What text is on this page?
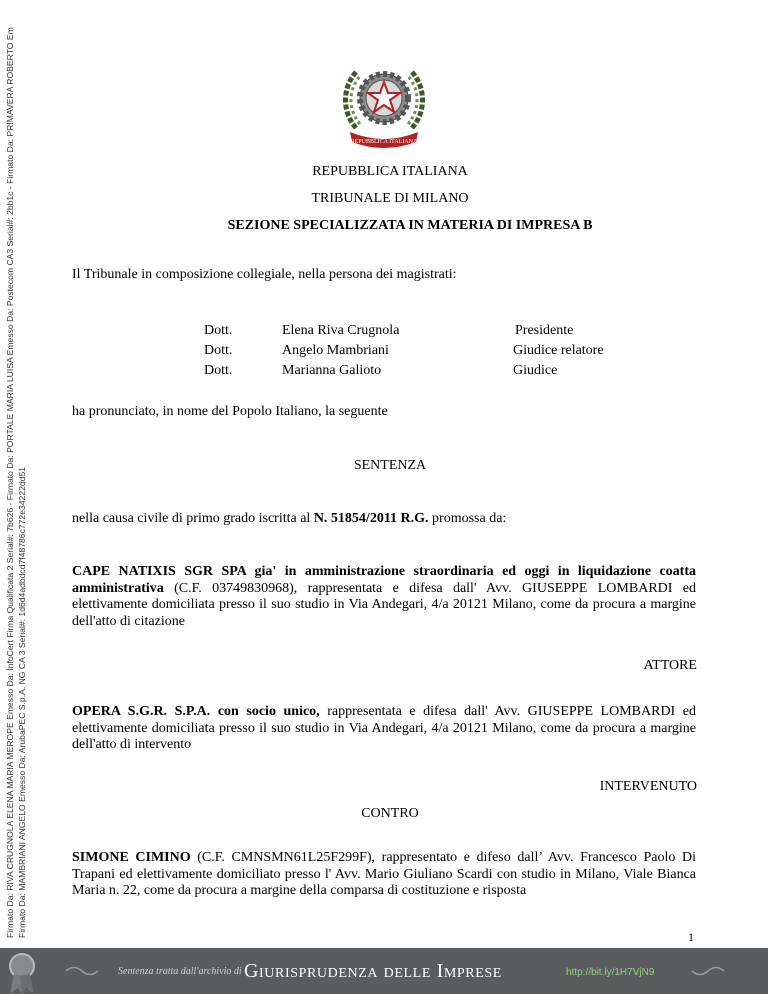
Firmato Da: RIVA CRUGNOLA ELENA MARIA MEROPE Emesso Da: InfoCert Firma Qualificata 2 Serial#: 7b626 - Firmato Da: PORTALE MARIA LUISA Emesso Da: Postecom CA3 Serial#: 2bb1c - Firmato Da: PRIMAVERA ROBERTO Em Firmato Da: MAMBRIANI ANGELO Emesso Da: ArubaPEC S.p.A. NG CA 3 Serial#: 1d6d4adbdcd7f48786c772e34222dd51
REPUBBLICA ITALIANA
REPUBBLICA ITALIANA
TRIBUNALE DI MILANO
SEZIONE SPECIALIZZATA IN MATERIA DI IMPRESA B
Il Tribunale in composizione collegiale, nella persona dei magistrati:
Dott.	Elena Riva Crugnola	Presidente
Dott.	Angelo Mambriani	Giudice relatore
Dott.	Marianna Galioto	Giudice
ha pronunciato, in nome del Popolo Italiano, la seguente
SENTENZA
nella causa civile di primo grado iscritta al N. 51854/2011 R.G. promossa da:
CAPE NATIXIS SGR SPA gia' in amministrazione straordinaria ed oggi in liquidazione coatta amministrativa (C.F. 03749830968), rappresentata e difesa dall' Avv. GIUSEPPE LOMBARDI ed elettivamente domiciliata presso il suo studio in Via Andegari, 4/a 20121 Milano, come da procura a margine dell'atto di citazione
ATTORE
OPERA S.G.R. S.P.A. con socio unico, rappresentata e difesa dall' Avv. GIUSEPPE LOMBARDI ed elettivamente domiciliata presso il suo studio in Via Andegari, 4/a 20121 Milano, come da procura a margine dell'atto di intervento
INTERVENUTO
CONTRO
SIMONE CIMINO (C.F. CMNSMN61L25F299F), rappresentato e difeso dall’ Avv. Francesco Paolo Di Trapani ed elettivamente domiciliato presso l' Avv. Mario Giuliano Scardi con studio in Milano, Viale Bianca Maria n. 22, come da procura a margine della comparsa di costituzione e risposta
1
Sentenza tratta dall'archivio di Giurisprudenza delle Imprese	http://bit.ly/1H7VjN9
